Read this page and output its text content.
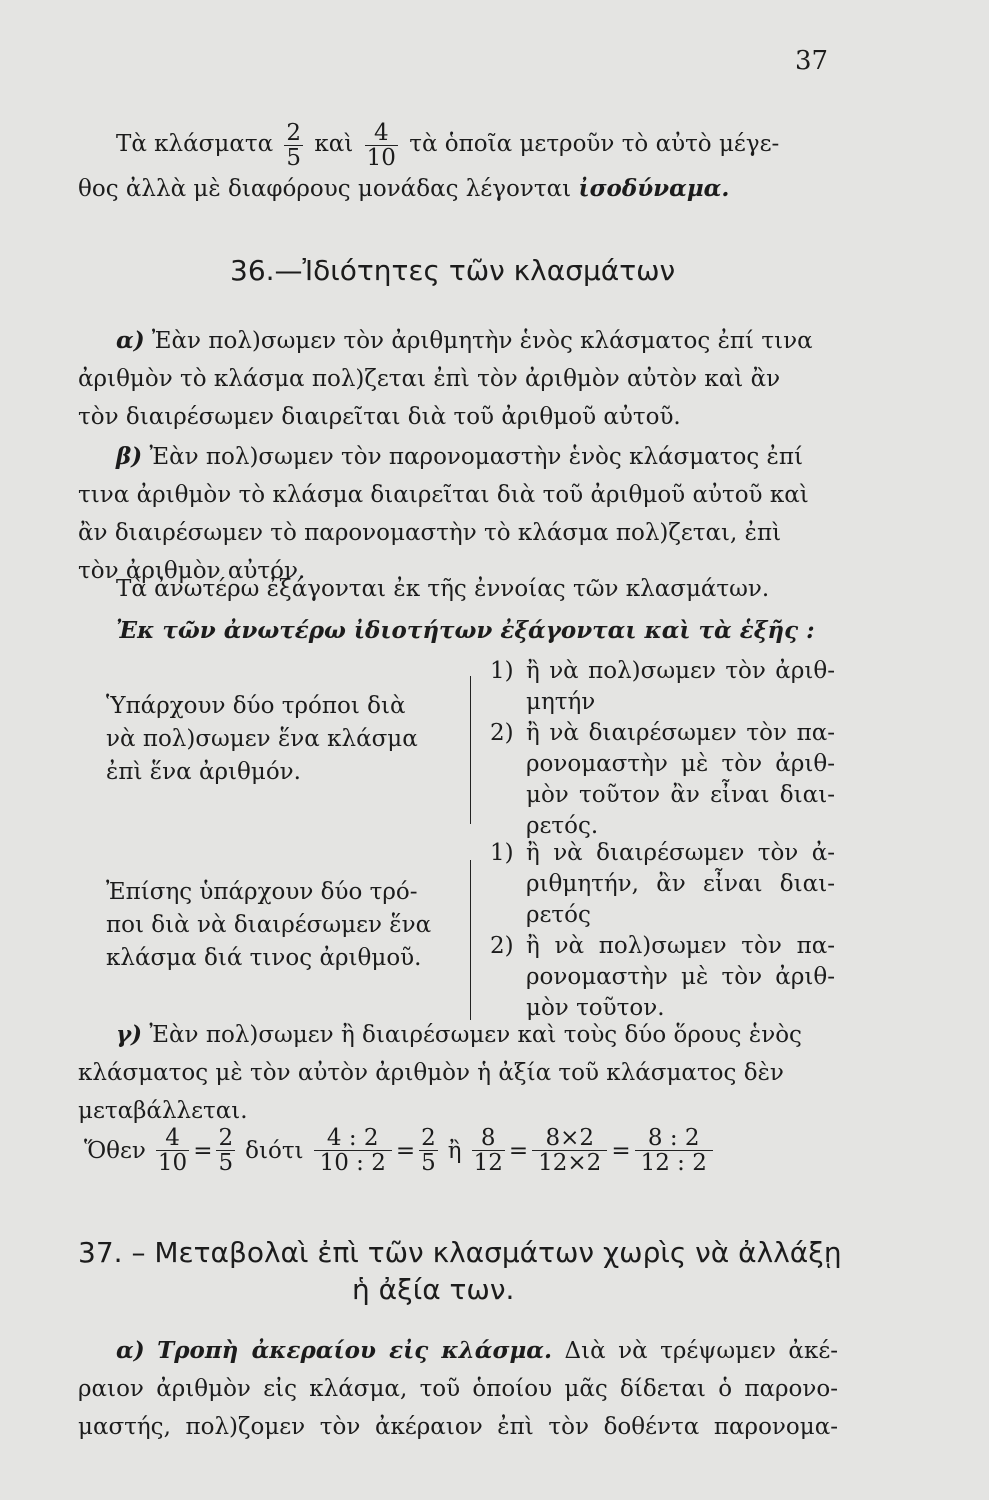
37
Τὰ κλάσματα $\frac{2}{5}$ καὶ $\frac{4}{10}$ τὰ ὁποῖα μετροῦν τὸ αὐτὸ μέγε-
θος ἀλλὰ μὲ διαφόρους μονάδας λέγονται ἰσοδύναμα.
36.—Ἰδιότητες τῶν κλασμάτων
α) Ἐὰν πολ)σωμεν τὸν ἀριθμητὴν ἑνὸς κλάσματος ἐπί τινα
ἀριθμὸν τὸ κλάσμα πολ)ζεται ἐπὶ τὸν ἀριθμὸν αὐτὸν καὶ ἂν
τὸν διαιρέσωμεν διαιρεῖται διὰ τοῦ ἀριθμοῦ αὐτοῦ.
β) Ἐὰν πολ)σωμεν τὸν παρονομαστὴν ἑνὸς κλάσματος ἐπί
τινα ἀριθμὸν τὸ κλάσμα διαιρεῖται διὰ τοῦ ἀριθμοῦ αὐτοῦ καὶ
ἂν διαιρέσωμεν τὸ παρονομαστὴν τὸ κλάσμα πολ)ζεται, ἐπὶ
τὸν ἀριθμὸν αὐτόν.
Τὰ ἀνωτέρω ἐξάγονται ἐκ τῆς ἐννοίας τῶν κλασμάτων.
Ἐκ τῶν ἀνωτέρω ἰδιοτήτων ἐξάγονται καὶ τὰ ἑξῆς :
Ὑπάρχουν δύο τρόποι διὰ
νὰ πολ)σωμεν ἕνα κλάσμα
ἐπὶ ἕνα ἀριθμόν.
1) ἢ νὰ πολ)σωμεν τὸν ἀριθ-μητήν
2) ἢ νὰ διαιρέσωμεν τὸν πα-ρονομαστὴν μὲ τὸν ἀριθ-μὸν τοῦτον ἂν εἶναι διαι-ρετός.
Ἐπίσης ὑπάρχουν δύο τρό-
ποι διὰ νὰ διαιρέσωμεν ἕνα
κλάσμα διά τινος ἀριθμοῦ.
1) ἢ νὰ διαιρέσωμεν τὸν ἀ-ριθμητήν, ἂν εἶναι διαι-ρετός
2) ἢ νὰ πολ)σωμεν τὸν πα-ρονομαστὴν μὲ τὸν ἀριθ-μὸν τοῦτον.
γ) Ἐὰν πολ)σωμεν ἢ διαιρέσωμεν καὶ τοὺς δύο ὅρους ἑνὸς
κλάσματος μὲ τὸν αὐτὸν ἀριθμὸν ἡ ἀξία τοῦ κλάσματος δὲν
μεταβάλλεται.
Ὅθεν $\frac{4}{10} = \frac{2}{5}$ διότι $\frac{4 : 2}{10 : 2} = \frac{2}{5}$ ἢ $\frac{8}{12} = \frac{8\times 2}{12\times 2} = \frac{8 : 2}{12 : 2}$
37. – Μεταβολαὶ ἐπὶ τῶν κλασμάτων χωρὶς νὰ ἀλλάξῃ
ἡ ἀξία των.
α) Τροπὴ ἀκεραίου εἰς κλάσμα. Διὰ νὰ τρέψωμεν ἀκέ-
ραιον ἀριθμὸν εἰς κλάσμα, τοῦ ὁποίου μᾶς δίδεται ὁ παρονο-
μαστής, πολ)ζομεν τὸν ἀκέραιον ἐπὶ τὸν δοθέντα παρονομα-
